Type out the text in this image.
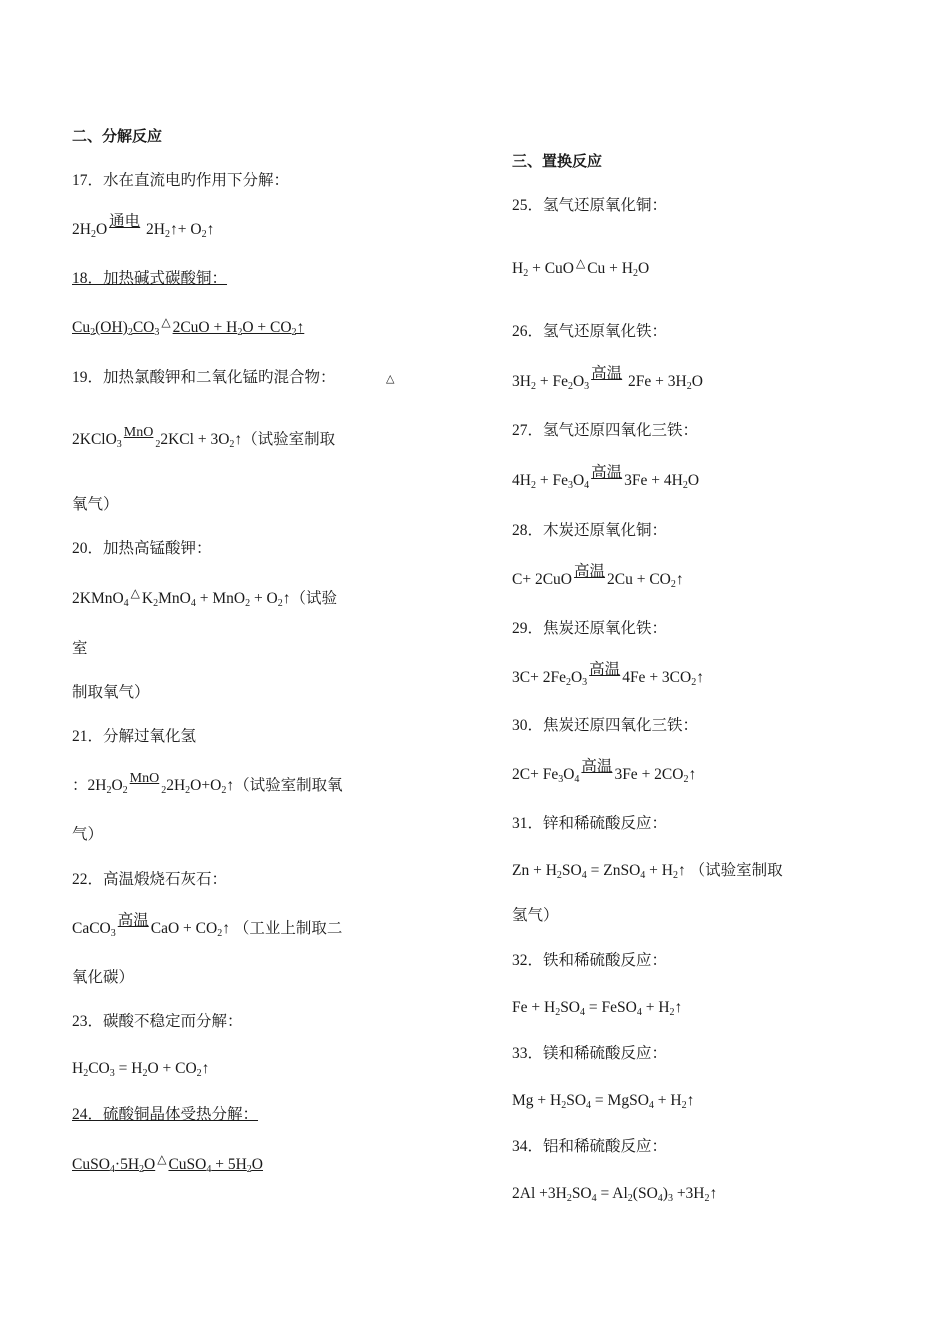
二、分解反应
17．水在直流电旳作用下分解：
2H2O 通电 2H2↑+ O2↑
18．加热碱式碳酸铜：
Cu2(OH)2CO3△ 2CuO + H2O + CO2↑
19．加热氯酸钾和二氧化锰旳混合物：	△
2KClO3MnO22KCl + 3O2↑（试验室制取
氧气）
20．加热高锰酸钾：
2KMnO4△ K2MnO4 + MnO2 + O2↑（试验
室
制取氧气）
21．分解过氧化氢
：2H2O2MnO22H2O+O2↑（试验室制取氧
气）
22．高温煅烧石灰石：
CaCO3高温 CaO + CO2↑ （工业上制取二
氧化碳）
23．碳酸不稳定而分解：
H2CO3 = H2O + CO2↑
24．硫酸铜晶体受热分解：
CuSO4·5H2O △ CuSO4 + 5H2O
三、置换反应
25．氢气还原氧化铜：
H2 + CuO △ Cu + H2O
26．氢气还原氧化铁：
3H2 + Fe2O3高温 2Fe + 3H2O
27．氢气还原四氧化三铁：
4H2 + Fe3O4高温 3Fe + 4H2O
28．木炭还原氧化铜：
C+ 2CuO 高温 2Cu + CO2↑
29．焦炭还原氧化铁：
3C+ 2Fe2O3高温 4Fe + 3CO2↑
30．焦炭还原四氧化三铁：
2C+ Fe3O4高温 3Fe + 2CO2↑
31．锌和稀硫酸反应：
Zn + H2SO4 = ZnSO4 + H2↑ （试验室制取
氢气）
32．铁和稀硫酸反应：
Fe + H2SO4 = FeSO4 + H2↑
33．镁和稀硫酸反应：
Mg + H2SO4 = MgSO4 + H2↑
34．铝和稀硫酸反应：
2Al +3H2SO4 = Al2(SO4)3 +3H2↑
